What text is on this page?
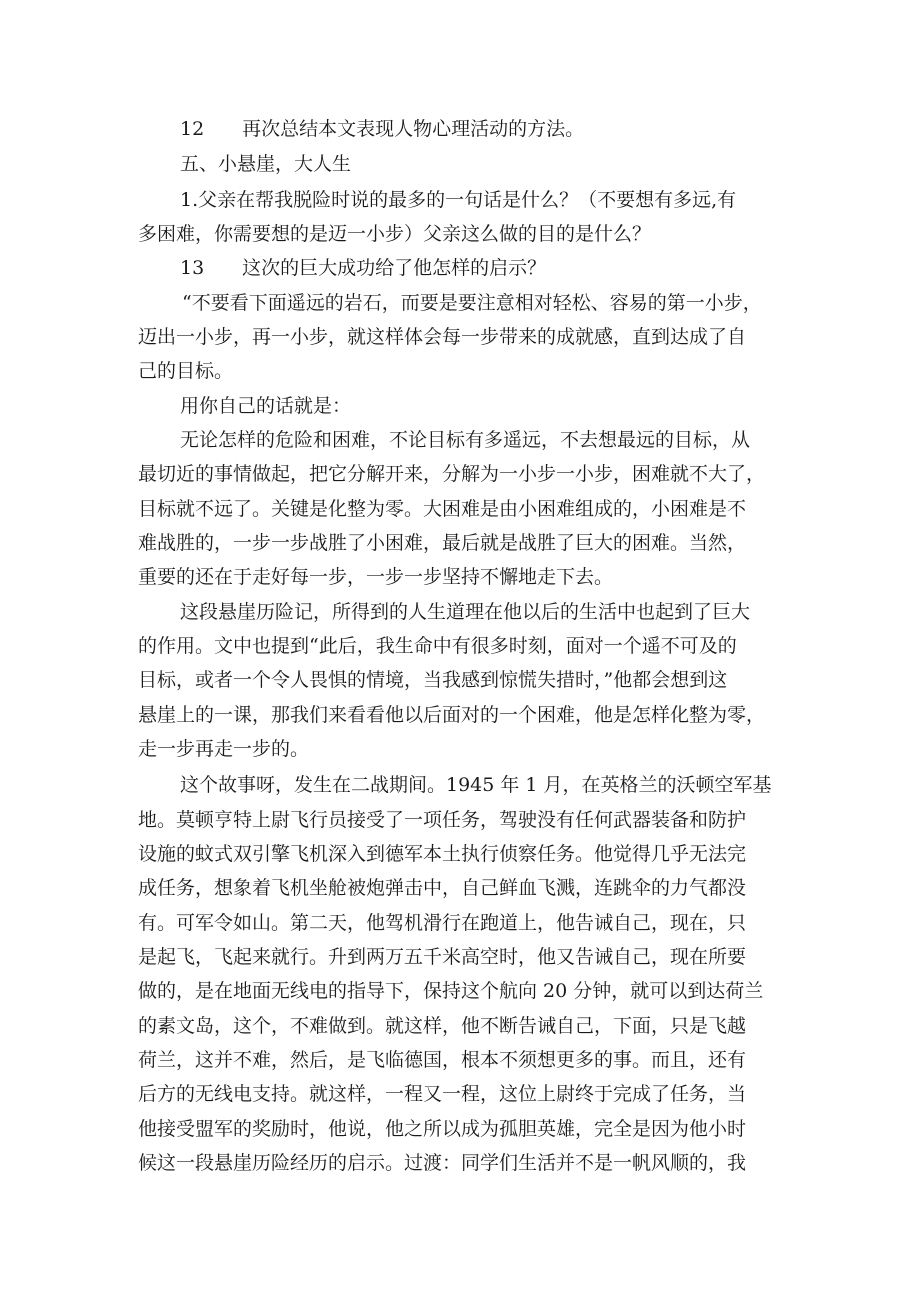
12　　再次总结本文表现人物心理活动的方法。
五、小悬崖，大人生
1.父亲在帮我脱险时说的最多的一句话是什么？（不要想有多远,有
多困难，你需要想的是迈一小步）父亲这么做的目的是什么？
13　　这次的巨大成功给了他怎样的启示？
“不要看下面遥远的岩石，而要是要注意相对轻松、容易的第一小步，
迈出一小步，再一小步，就这样体会每一步带来的成就感，直到达成了自
己的目标。
用你自己的话就是：
无论怎样的危险和困难，不论目标有多遥远，不去想最远的目标，从
最切近的事情做起，把它分解开来，分解为一小步一小步，困难就不大了，
目标就不远了。关键是化整为零。大困难是由小困难组成的，小困难是不
难战胜的，一步一步战胜了小困难，最后就是战胜了巨大的困难。当然，
重要的还在于走好每一步，一步一步坚持不懈地走下去。
这段悬崖历险记，所得到的人生道理在他以后的生活中也起到了巨大
的作用。文中也提到“此后，我生命中有很多时刻，面对一个遥不可及的
目标，或者一个令人畏惧的情境，当我感到惊慌失措时，”他都会想到这
悬崖上的一课，那我们来看看他以后面对的一个困难，他是怎样化整为零，
走一步再走一步的。
这个故事呀，发生在二战期间。1945 年 1 月，在英格兰的沃顿空军基
地。莫顿亨特上尉飞行员接受了一项任务，驾驶没有任何武器装备和防护
设施的蚊式双引擎飞机深入到德军本土执行侦察任务。他觉得几乎无法完
成任务，想象着飞机坐舱被炮弹击中，自己鲜血飞溅，连跳伞的力气都没
有。可军令如山。第二天，他驾机滑行在跑道上，他告诫自己，现在，只
是起飞，飞起来就行。升到两万五千米高空时，他又告诫自己，现在所要
做的，是在地面无线电的指导下，保持这个航向 20 分钟，就可以到达荷兰
的素文岛，这个，不难做到。就这样，他不断告诫自己，下面，只是飞越
荷兰，这并不难，然后，是飞临德国，根本不须想更多的事。而且，还有
后方的无线电支持。就这样，一程又一程，这位上尉终于完成了任务，当
他接受盟军的奖励时，他说，他之所以成为孤胆英雄，完全是因为他小时
候这一段悬崖历险经历的启示。过渡：同学们生活并不是一帆风顺的，我
